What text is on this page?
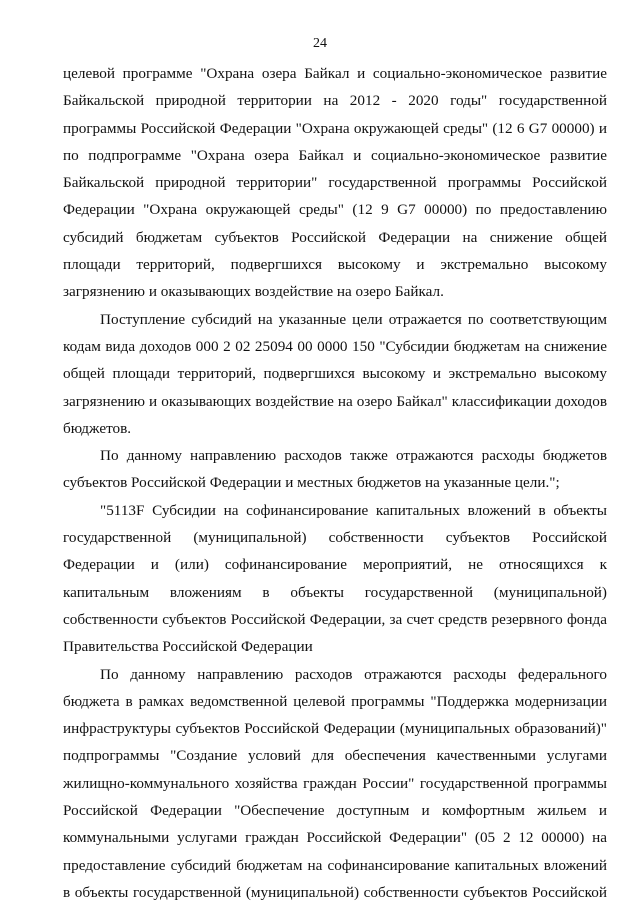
24

целевой программе "Охрана озера Байкал и социально-экономическое развитие Байкальской природной территории на 2012 - 2020 годы" государственной программы Российской Федерации "Охрана окружающей среды" (12 6 G7 00000) и по подпрограмме "Охрана озера Байкал и социально-экономическое развитие Байкальской природной территории" государственной программы Российской Федерации "Охрана окружающей среды" (12 9 G7 00000) по предоставлению субсидий бюджетам субъектов Российской Федерации на снижение общей площади территорий, подвергшихся высокому и экстремально высокому загрязнению и оказывающих воздействие на озеро Байкал.

Поступление субсидий на указанные цели отражается по соответствующим кодам вида доходов 000 2 02 25094 00 0000 150 "Субсидии бюджетам на снижение общей площади территорий, подвергшихся высокому и экстремально высокому загрязнению и оказывающих воздействие на озеро Байкал" классификации доходов бюджетов.

По данному направлению расходов также отражаются расходы бюджетов субъектов Российской Федерации и местных бюджетов на указанные цели.";

"5113F Субсидии на софинансирование капитальных вложений в объекты государственной (муниципальной) собственности субъектов Российской Федерации и (или) софинансирование мероприятий, не относящихся к капитальным вложениям в объекты государственной (муниципальной) собственности субъектов Российской Федерации, за счет средств резервного фонда Правительства Российской Федерации

По данному направлению расходов отражаются расходы федерального бюджета в рамках ведомственной целевой программы "Поддержка модернизации инфраструктуры субъектов Российской Федерации (муниципальных образований)" подпрограммы "Создание условий для обеспечения качественными услугами жилищно-коммунального хозяйства граждан России" государственной программы Российской Федерации "Обеспечение доступным и комфортным жильем и коммунальными услугами граждан Российской Федерации" (05 2 12 00000) на предоставление субсидий бюджетам на софинансирование капитальных вложений в объекты государственной (муниципальной) собственности субъектов Российской
